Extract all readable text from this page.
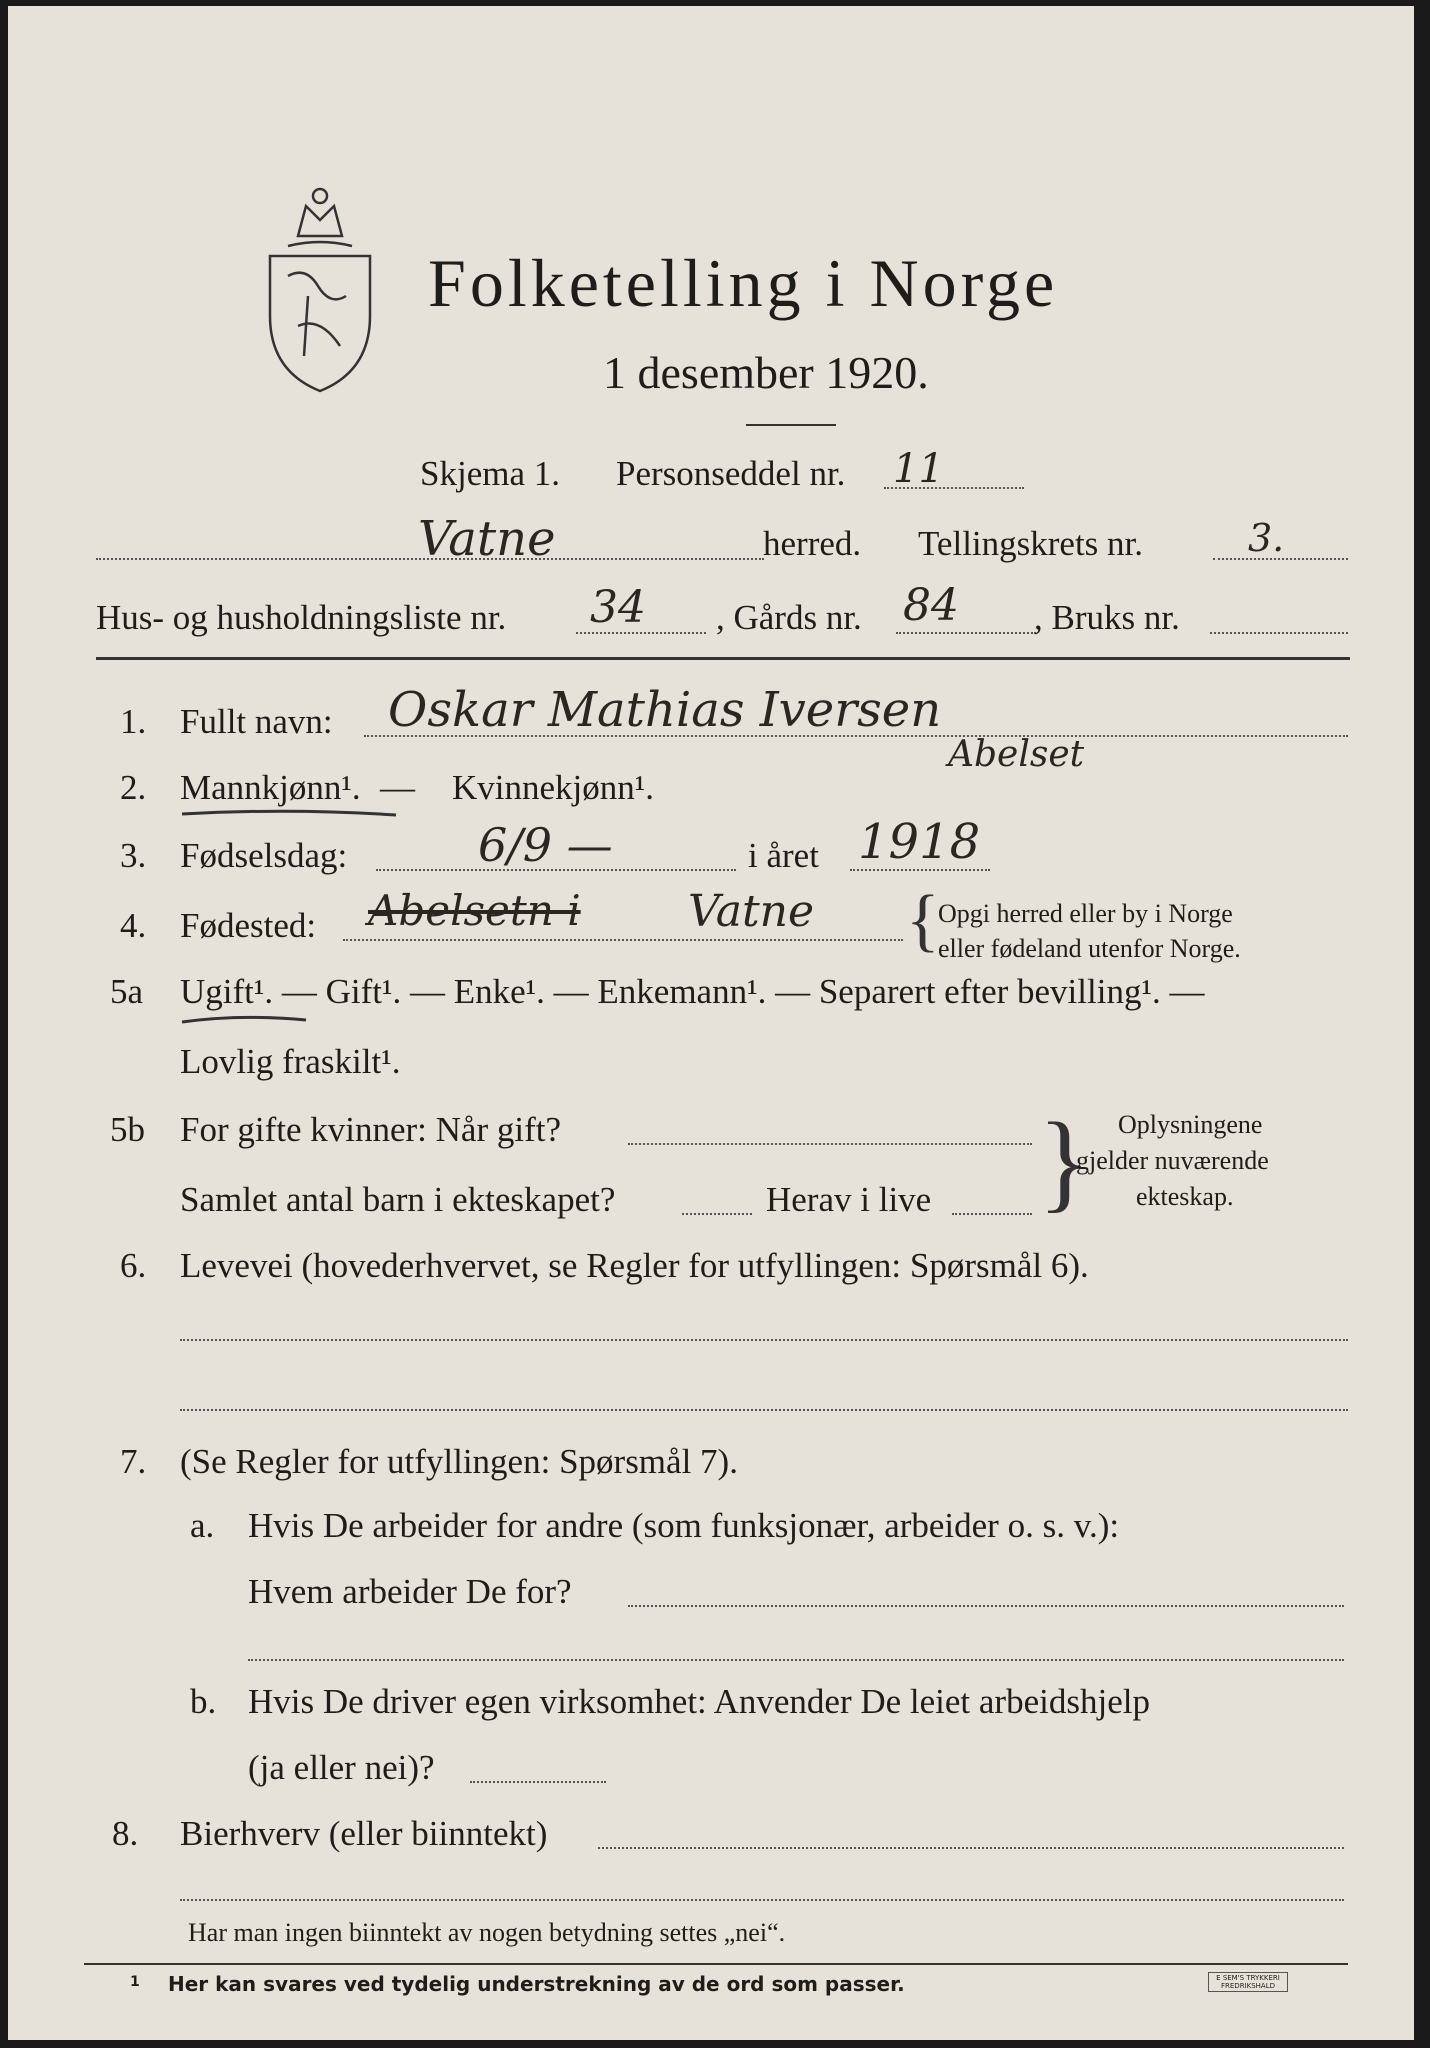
Folketelling i Norge
1 desember 1920.
Skjema 1. Personseddel nr. 11
Vatne	herred. Tellingskrets nr.	3.
Hus- og husholdningsliste nr. 34 , Gårds nr. 84 , Bruks nr.
1. Fullt navn: Oskar Mathias Iversen
Abelset
2. Mannkjønn¹. — Kvinnekjønn¹.
3. Fødselsdag:	6/9 —	i året 1918
4. Fødested: Abelsetn i Vatne {
Opgi herred eller by i Norge
eller fødeland utenfor Norge.
5a Ugift¹. — Gift¹. — Enke¹. — Enkemann¹. — Separert efter bevilling¹. —
Lovlig fraskilt¹.
5b For gifte kvinner: Når gift?
Samlet antal barn i ekteskapet?	Herav i live } Oplysningene
gjelder nuværende
ekteskap.
6. Levevei (hovederhvervet, se Regler for utfyllingen: Spørsmål 6).
7. (Se Regler for utfyllingen: Spørsmål 7).
a. Hvis De arbeider for andre (som funksjonær, arbeider o. s. v.):
Hvem arbeider De for?
b. Hvis De driver egen virksomhet: Anvender De leiet arbeidshjelp
(ja eller nei)?
8. Bierhverv (eller biinntekt)
Har man ingen biinntekt av nogen betydning settes „nei“.
1 Her kan svares ved tydelig understrekning av de ord som passer.	E SEM'S TRYKKERI
FREDRIKSHALD
